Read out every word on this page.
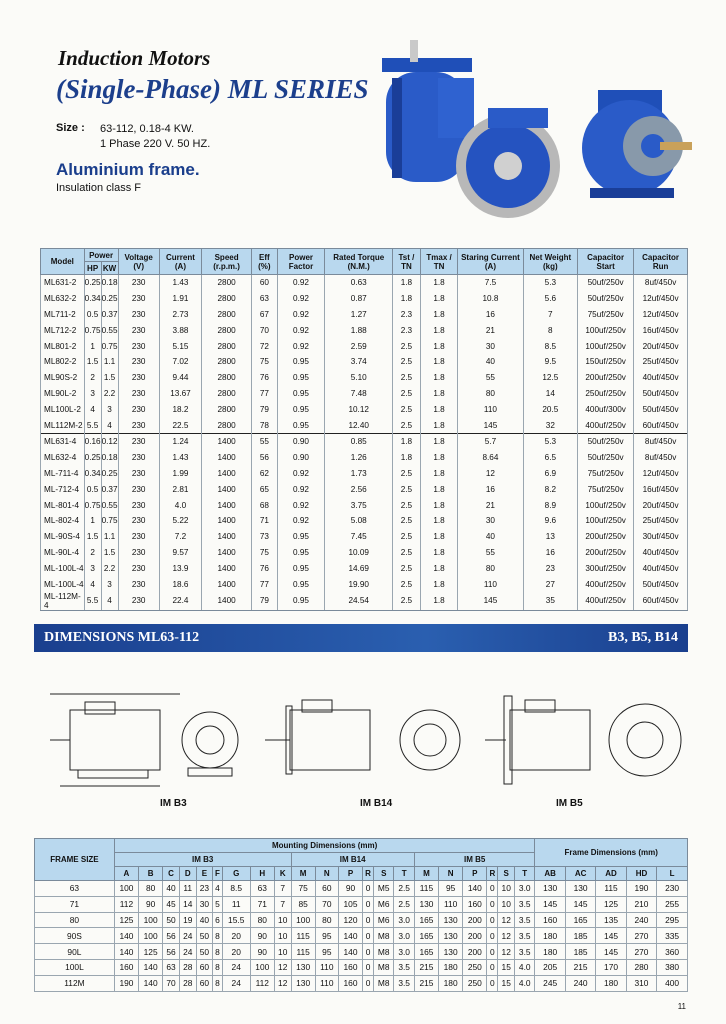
Induction Motors
(Single-Phase) ML SERIES
Size : 63-112, 0.18-4 KW.
1 Phase 220 V. 50 HZ.
Aluminium frame.
Insulation class F
Model	Power		Voltage (V)	Current (A)	Speed (r.p.m.)	Eff (%)	Power Factor	Rated Torque (N.M.)	Tst / TN	Tmax / TN	Staring Current (A)	Net Weight (kg)	Capacitor Start	Capacitor Run
	HP	KW												
ML631-2	0.25	0.18	230	1.43	2800	60	0.92	0.63	1.8	1.8	7.5	5.3	50uf/250v	8uf/450v
ML632-2	0.34	0.25	230	1.91	2800	63	0.92	0.87	1.8	1.8	10.8	5.6	50uf/250v	12uf/450v
ML711-2	0.5	0.37	230	2.73	2800	67	0.92	1.27	2.3	1.8	16	7	75uf/250v	12uf/450v
ML712-2	0.75	0.55	230	3.88	2800	70	0.92	1.88	2.3	1.8	21	8	100uf/250v	16uf/450v
ML801-2	1	0.75	230	5.15	2800	72	0.92	2.59	2.5	1.8	30	8.5	100uf/250v	20uf/450v
ML802-2	1.5	1.1	230	7.02	2800	75	0.95	3.74	2.5	1.8	40	9.5	150uf/250v	25uf/450v
ML90S-2	2	1.5	230	9.44	2800	76	0.95	5.10	2.5	1.8	55	12.5	200uf/250v	40uf/450v
ML90L-2	3	2.2	230	13.67	2800	77	0.95	7.48	2.5	1.8	80	14	250uf/250v	50uf/450v
ML100L-2	4	3	230	18.2	2800	79	0.95	10.12	2.5	1.8	110	20.5	400uf/300v	50uf/450v
ML112M-2	5.5	4	230	22.5	2800	78	0.95	12.40	2.5	1.8	145	32	400uf/250v	60uf/450v
ML631-4	0.16	0.12	230	1.24	1400	55	0.90	0.85	1.8	1.8	5.7	5.3	50uf/250v	8uf/450v
ML632-4	0.25	0.18	230	1.43	1400	56	0.90	1.26	1.8	1.8	8.64	6.5	50uf/250v	8uf/450v
ML-711-4	0.34	0.25	230	1.99	1400	62	0.92	1.73	2.5	1.8	12	6.9	75uf/250v	12uf/450v
ML-712-4	0.5	0.37	230	2.81	1400	65	0.92	2.56	2.5	1.8	16	8.2	75uf/250v	16uf/450v
ML-801-4	0.75	0.55	230	4.0	1400	68	0.92	3.75	2.5	1.8	21	8.9	100uf/250v	20uf/450v
ML-802-4	1	0.75	230	5.22	1400	71	0.92	5.08	2.5	1.8	30	9.6	100uf/250v	25uf/450v
ML-90S-4	1.5	1.1	230	7.2	1400	73	0.95	7.45	2.5	1.8	40	13	200uf/250v	30uf/450v
ML-90L-4	2	1.5	230	9.57	1400	75	0.95	10.09	2.5	1.8	55	16	200uf/250v	40uf/450v
ML-100L-4	3	2.2	230	13.9	1400	76	0.95	14.69	2.5	1.8	80	23	300uf/250v	40uf/450v
ML-100L-4	4	3	230	18.6	1400	77	0.95	19.90	2.5	1.8	110	27	400uf/250v	50uf/450v
ML-112M-4	5.5	4	230	22.4	1400	79	0.95	24.54	2.5	1.8	145	35	400uf/250v	60uf/450v
DIMENSIONS ML63-112	B3, B5, B14
IM B3	IM B14	IM B5
FRAME SIZE	Mounting Dimensions (mm)																					Frame Dimensions (mm)				
	IM B3									IM B14						IM B5										
	A	B	C	D	E	F	G	H	K	M	N	P	R	S	T	M	N	P	R	S	T	AB	AC	AD	HD	L
63	100	80	40	11	23	4	8.5	63	7	75	60	90	0	M5	2.5	115	95	140	0	10	3.0	130	130	115	190	230
71	112	90	45	14	30	5	11	71	7	85	70	105	0	M6	2.5	130	110	160	0	10	3.5	145	145	125	210	255
80	125	100	50	19	40	6	15.5	80	10	100	80	120	0	M6	3.0	165	130	200	0	12	3.5	160	165	135	240	295
90S	140	100	56	24	50	8	20	90	10	115	95	140	0	M8	3.0	165	130	200	0	12	3.5	180	185	145	270	335
90L	140	125	56	24	50	8	20	90	10	115	95	140	0	M8	3.0	165	130	200	0	12	3.5	180	185	145	270	360
100L	160	140	63	28	60	8	24	100	12	130	110	160	0	M8	3.5	215	180	250	0	15	4.0	205	215	170	280	380
112M	190	140	70	28	60	8	24	112	12	130	110	160	0	M8	3.5	215	180	250	0	15	4.0	245	240	180	310	400
11
